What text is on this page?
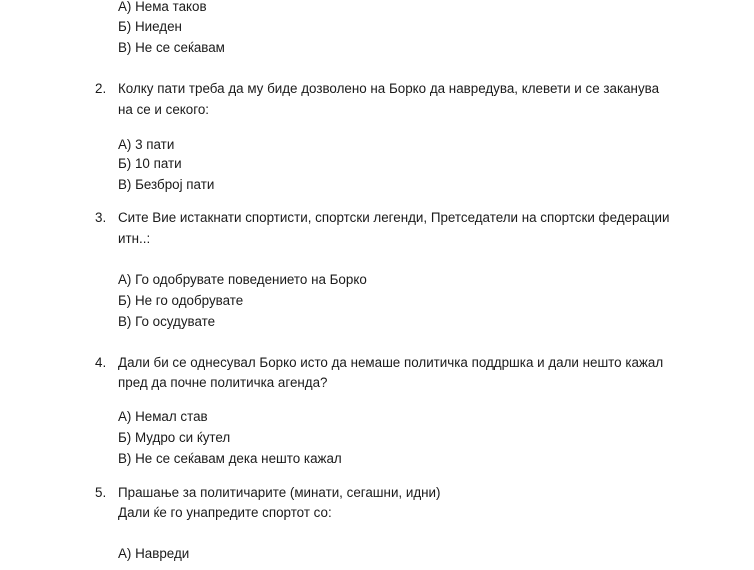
А) Нема таков
Б) Ниеден
В) Не се сеќавам
2. Колку пати треба да му биде дозволено на Борко да навредува, клевети и се заканува
на се и секого:
А) 3 пати
Б) 10 пати
В) Безброј пати
3. Сите Вие истакнати спортисти, спортски легенди, Претседатели на спортски федерации
итн..:
А) Го одобрувате поведението на Борко
Б) Не го одобрувате
В) Го осудувате
4. Дали би се однесувал Борко исто да немаше политичка поддршка и дали нешто кажал
пред да почне политичка агенда?
А) Немал став
Б) Мудро си ќутел
В) Не се сеќавам дека нешто кажал
5. Прашање за политичарите (минати, сегашни, идни)
Дали ќе го унапредите спортот со:
А) Навреди
